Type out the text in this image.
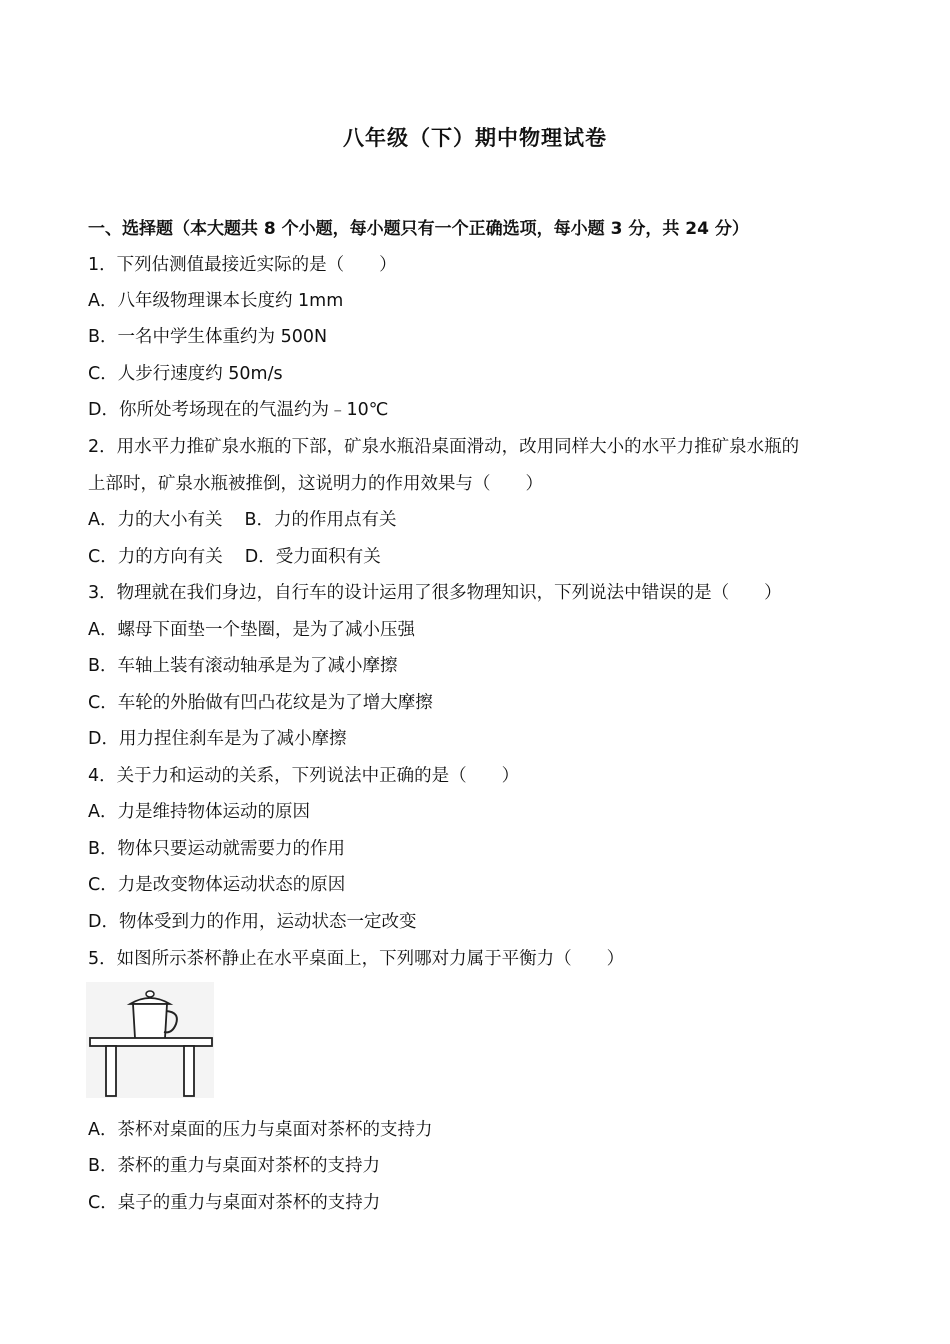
八年级（下）期中物理试卷
一、选择题（本大题共 8 个小题，每小题只有一个正确选项，每小题 3 分，共 24 分）
1．下列估测值最接近实际的是（　　）
A．八年级物理课本长度约 1mm
B．一名中学生体重约为 500N
C．人步行速度约 50m/s
D．你所处考场现在的气温约为﹣10℃
2．用水平力推矿泉水瓶的下部，矿泉水瓶沿桌面滑动，改用同样大小的水平力推矿泉水瓶的
上部时，矿泉水瓶被推倒，这说明力的作用效果与（　　）
A．力的大小有关 B．力的作用点有关
C．力的方向有关 D．受力面积有关
3．物理就在我们身边，自行车的设计运用了很多物理知识，下列说法中错误的是（　　）
A．螺母下面垫一个垫圈，是为了减小压强
B．车轴上装有滚动轴承是为了减小摩擦
C．车轮的外胎做有凹凸花纹是为了增大摩擦
D．用力捏住刹车是为了减小摩擦
4．关于力和运动的关系，下列说法中正确的是（　　）
A．力是维持物体运动的原因
B．物体只要运动就需要力的作用
C．力是改变物体运动状态的原因
D．物体受到力的作用，运动状态一定改变
5．如图所示茶杯静止在水平桌面上，下列哪对力属于平衡力（　　）
A．茶杯对桌面的压力与桌面对茶杯的支持力
B．茶杯的重力与桌面对茶杯的支持力
C．桌子的重力与桌面对茶杯的支持力
